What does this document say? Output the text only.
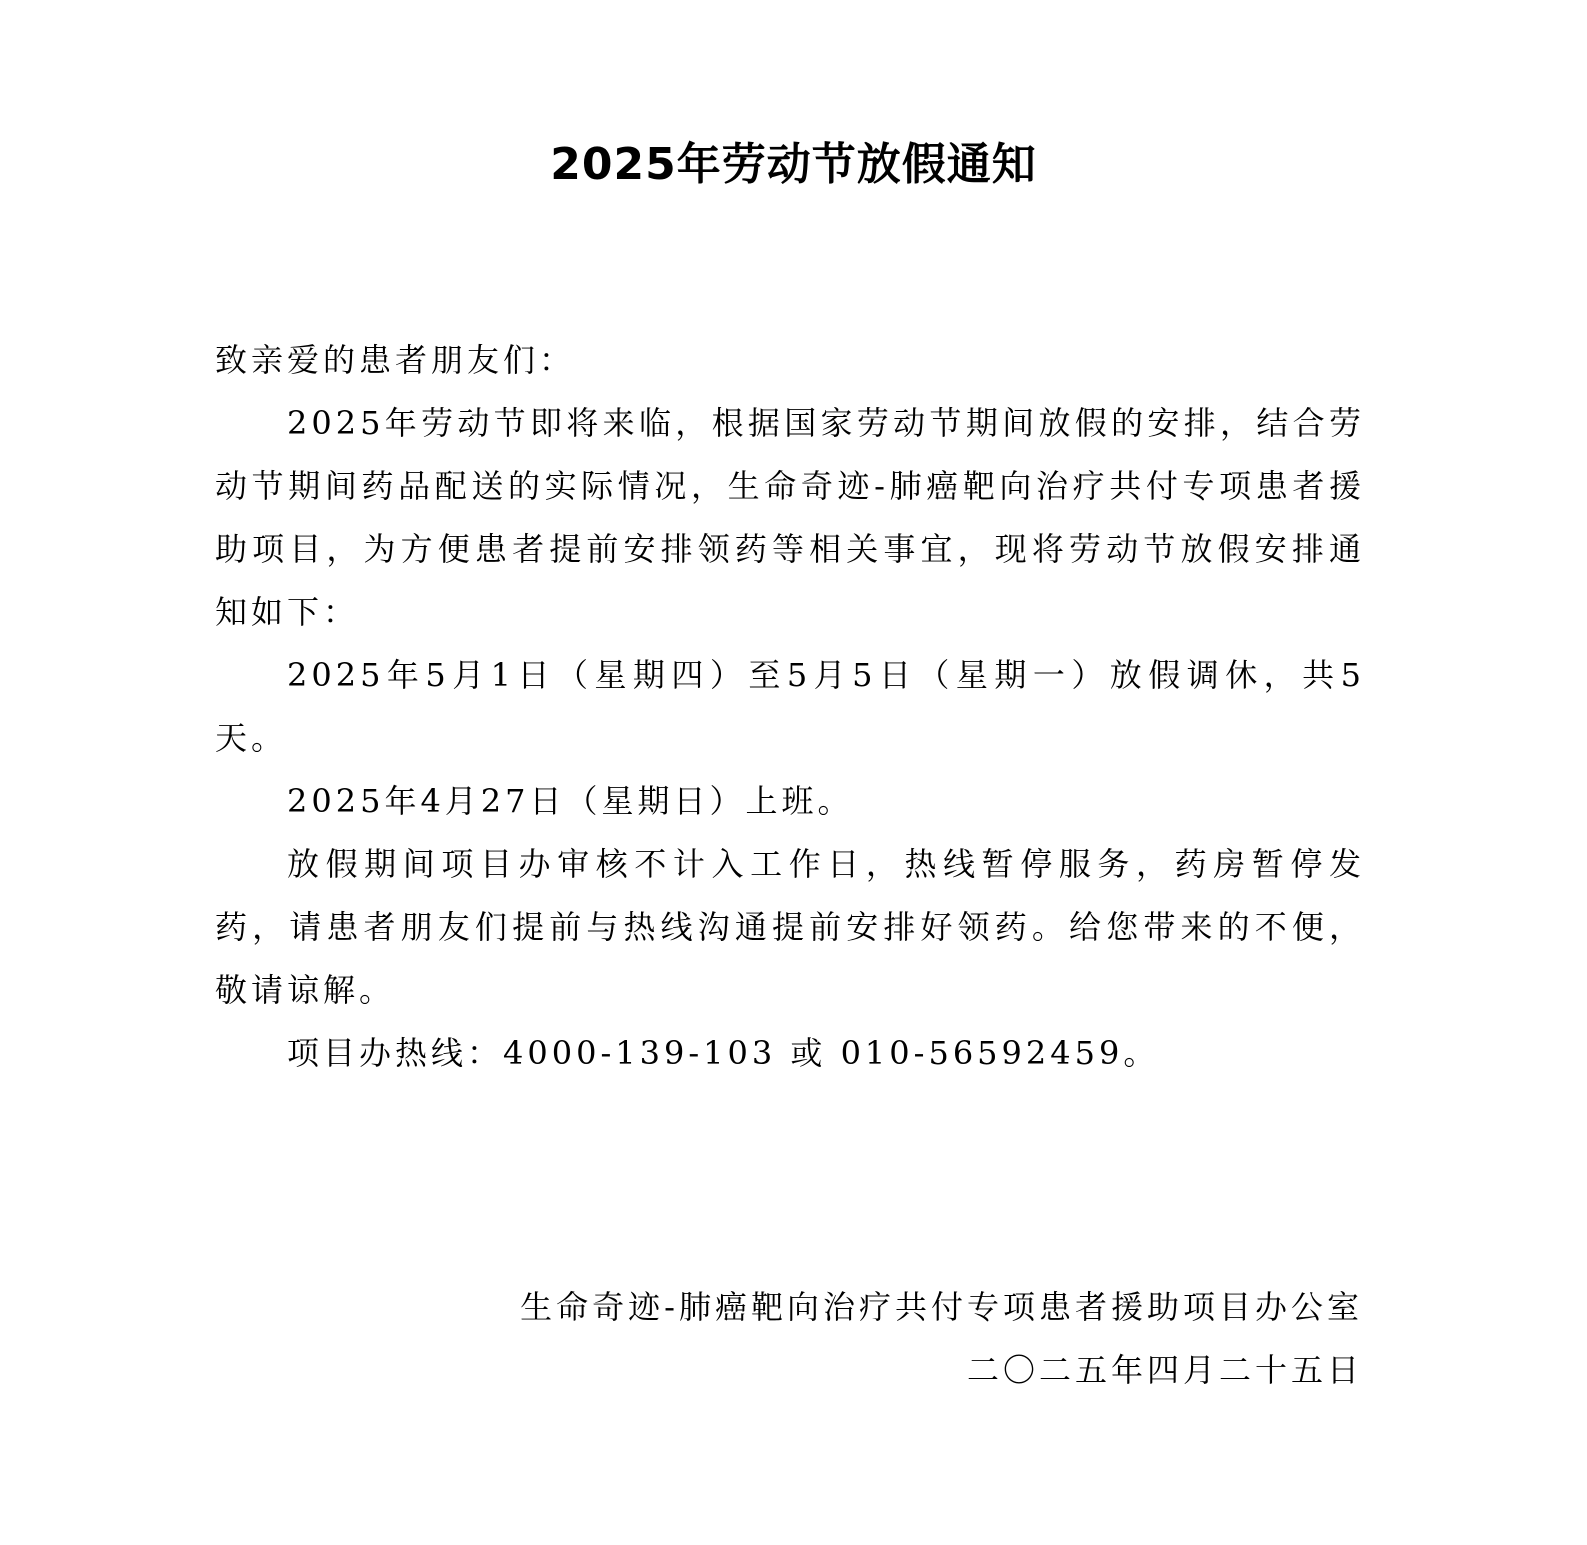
2025年劳动节放假通知

致亲爱的患者朋友们：

2025年劳动节即将来临，根据国家劳动节期间放假的安排，结合劳动节期间药品配送的实际情况，生命奇迹-肺癌靶向治疗共付专项患者援助项目，为方便患者提前安排领药等相关事宜，现将劳动节放假安排通知如下：

2025年5月1日（星期四）至5月5日（星期一）放假调休，共5天。

2025年4月27日（星期日）上班。

放假期间项目办审核不计入工作日，热线暂停服务，药房暂停发药，请患者朋友们提前与热线沟通提前安排好领药。给您带来的不便，敬请谅解。

项目办热线：4000-139-103 或 010-56592459。

生命奇迹-肺癌靶向治疗共付专项患者援助项目办公室

二〇二五年四月二十五日
